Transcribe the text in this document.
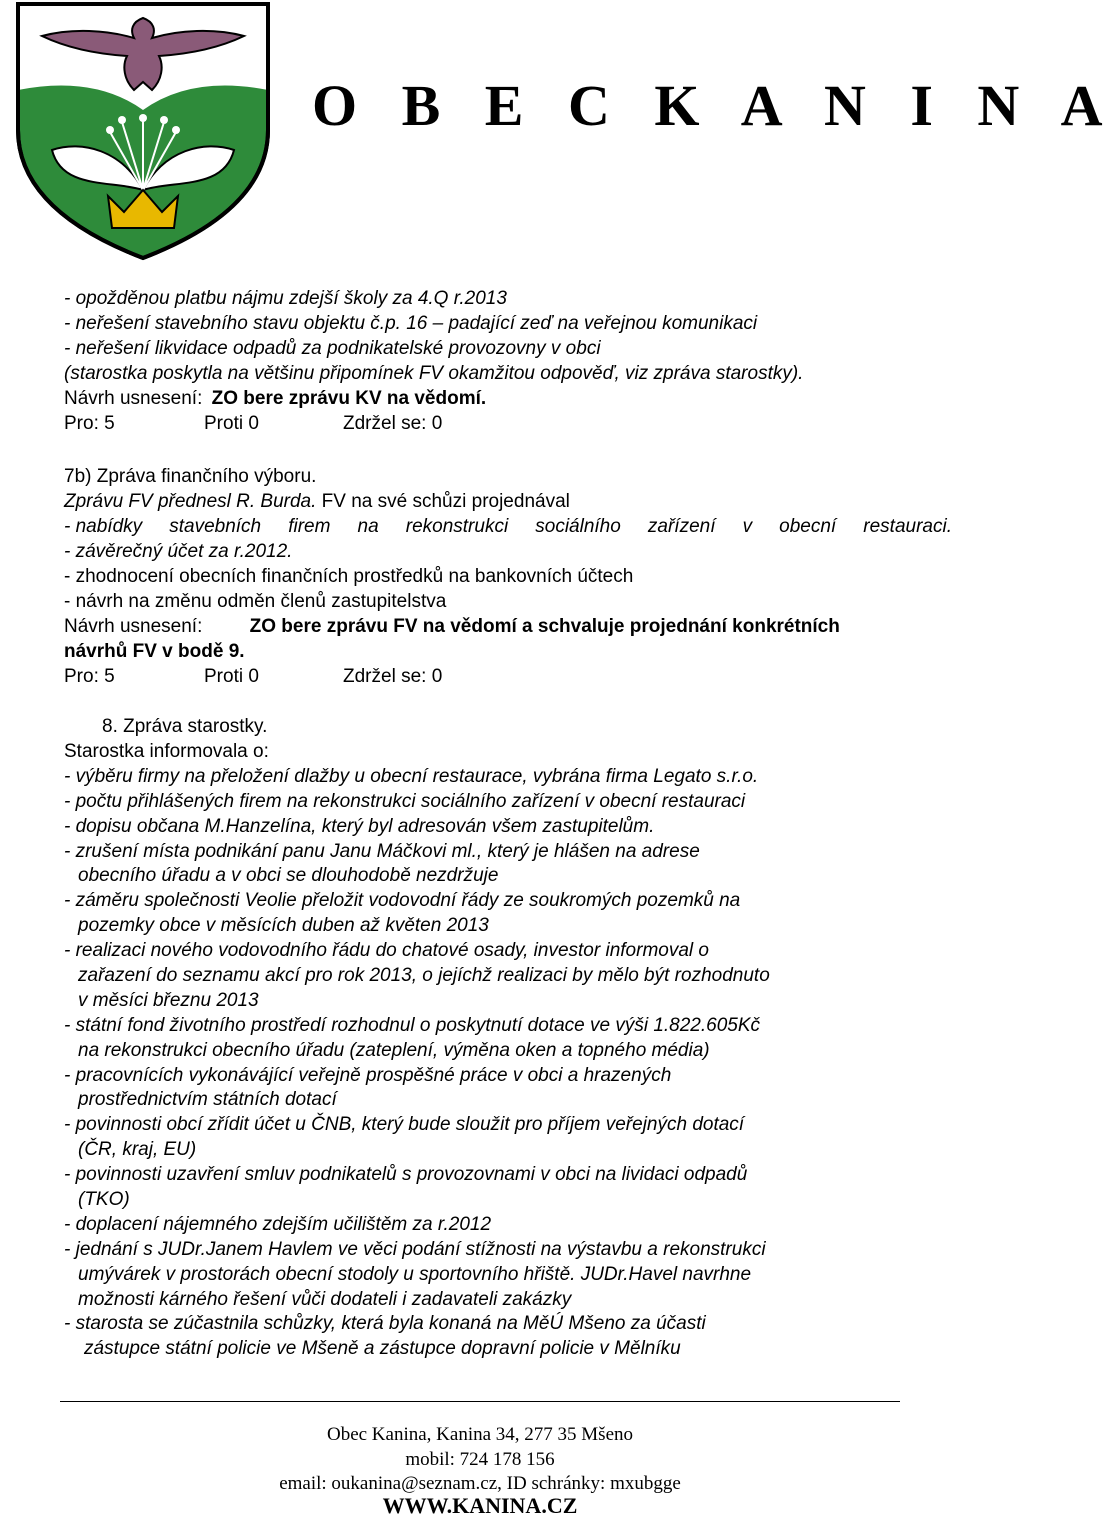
O B E C K A N I N A
- opožděnou platbu nájmu zdejší školy za 4.Q r.2013
- neřešení stavebního stavu objektu č.p. 16 – padající zeď na veřejnou komunikaci
- neřešení likvidace odpadů za podnikatelské provozovny v obci
(starostka poskytla na většinu připomínek FV okamžitou odpověď, viz zpráva starostky).
Návrh usnesení: ZO bere zprávu KV na vědomí.
Pro: 5	Proti 0	Zdržel se: 0
7b) Zpráva finančního výboru.
Zprávu FV přednesl R. Burda. FV na své schůzi projednával
- nabídky stavebních firem na rekonstrukci sociálního zařízení v obecní restauraci.
- závěrečný účet za r.2012.
- zhodnocení obecních finančních prostředků na bankovních účtech
- návrh na změnu odměn členů zastupitelstva
Návrh usnesení: ZO bere zprávu FV na vědomí a schvaluje projednání konkrétních
návrhů FV v bodě 9.
Pro: 5	Proti 0	Zdržel se: 0
8. Zpráva starostky.
Starostka informovala o:
- výběru firmy na přeložení dlažby u obecní restaurace, vybrána firma Legato s.r.o.
- počtu přihlášených firem na rekonstrukci sociálního zařízení v obecní restauraci
- dopisu občana M.Hanzelína, který byl adresován všem zastupitelům.
- zrušení místa podnikání panu Janu Máčkovi ml., který je hlášen na adrese
obecního úřadu a v obci se dlouhodobě nezdržuje
- záměru společnosti Veolie přeložit vodovodní řády ze soukromých pozemků na
pozemky obce v měsících duben až květen 2013
- realizaci nového vodovodního řádu do chatové osady, investor informoval o
zařazení do seznamu akcí pro rok 2013, o jejíchž realizaci by mělo být rozhodnuto
v měsíci březnu 2013
- státní fond životního prostředí rozhodnul o poskytnutí dotace ve výši 1.822.605Kč
na rekonstrukci obecního úřadu (zateplení, výměna oken a topného média)
- pracovnících vykonávájící veřejně prospěšné práce v obci a hrazených
prostřednictvím státních dotací
- povinnosti obcí zřídit účet u ČNB, který bude sloužit pro příjem veřejných dotací
(ČR, kraj, EU)
- povinnosti uzavření smluv podnikatelů s provozovnami v obci na lividaci odpadů
(TKO)
- doplacení nájemného zdejším učilištěm za r.2012
- jednání s JUDr.Janem Havlem ve věci podání stížnosti na výstavbu a rekonstrukci
umývárek v prostorách obecní stodoly u sportovního hřiště. JUDr.Havel navrhne
možnosti kárného řešení vůči dodateli i zadavateli zakázky
- starosta se zúčastnila schůzky, která byla konaná na MěÚ Mšeno za účasti
zástupce státní policie ve Mšeně a zástupce dopravní policie v Mělníku
Obec Kanina, Kanina 34, 277 35 Mšeno
mobil: 724 178 156
email: oukanina@seznam.cz, ID schránky: mxubgge
WWW.KANINA.CZ
